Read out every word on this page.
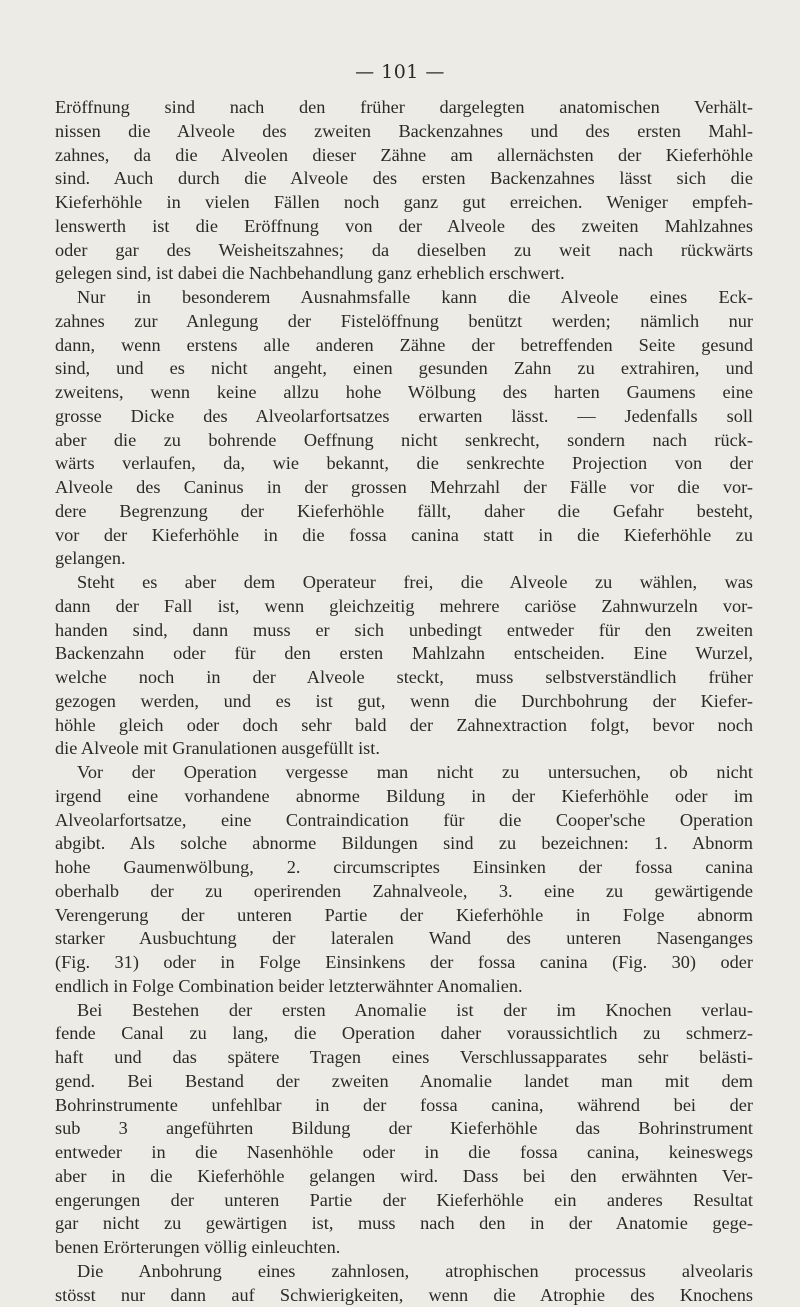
— 101 —
Eröffnung sind nach den früher dargelegten anatomischen Verhält-
nissen die Alveole des zweiten Backenzahnes und des ersten Mahl-
zahnes, da die Alveolen dieser Zähne am allernächsten der Kieferhöhle
sind. Auch durch die Alveole des ersten Backenzahnes lässt sich die
Kieferhöhle in vielen Fällen noch ganz gut erreichen. Weniger empfeh-
lenswerth ist die Eröffnung von der Alveole des zweiten Mahlzahnes
oder gar des Weisheitszahnes; da dieselben zu weit nach rückwärts
gelegen sind, ist dabei die Nachbehandlung ganz erheblich erschwert.
Nur in besonderem Ausnahmsfalle kann die Alveole eines Eck-
zahnes zur Anlegung der Fistelöffnung benützt werden; nämlich nur
dann, wenn erstens alle anderen Zähne der betreffenden Seite gesund
sind, und es nicht angeht, einen gesunden Zahn zu extrahiren, und
zweitens, wenn keine allzu hohe Wölbung des harten Gaumens eine
grosse Dicke des Alveolarfortsatzes erwarten lässt. — Jedenfalls soll
aber die zu bohrende Oeffnung nicht senkrecht, sondern nach rück-
wärts verlaufen, da, wie bekannt, die senkrechte Projection von der
Alveole des Caninus in der grossen Mehrzahl der Fälle vor die vor-
dere Begrenzung der Kieferhöhle fällt, daher die Gefahr besteht,
vor der Kieferhöhle in die fossa canina statt in die Kieferhöhle zu
gelangen.
Steht es aber dem Operateur frei, die Alveole zu wählen, was
dann der Fall ist, wenn gleichzeitig mehrere cariöse Zahnwurzeln vor-
handen sind, dann muss er sich unbedingt entweder für den zweiten
Backenzahn oder für den ersten Mahlzahn entscheiden. Eine Wurzel,
welche noch in der Alveole steckt, muss selbstverständlich früher
gezogen werden, und es ist gut, wenn die Durchbohrung der Kiefer-
höhle gleich oder doch sehr bald der Zahnextraction folgt, bevor noch
die Alveole mit Granulationen ausgefüllt ist.
Vor der Operation vergesse man nicht zu untersuchen, ob nicht
irgend eine vorhandene abnorme Bildung in der Kieferhöhle oder im
Alveolarfortsatze, eine Contraindication für die Cooper'sche Operation
abgibt. Als solche abnorme Bildungen sind zu bezeichnen: 1. Abnorm
hohe Gaumenwölbung, 2. circumscriptes Einsinken der fossa canina
oberhalb der zu operirenden Zahnalveole, 3. eine zu gewärtigende
Verengerung der unteren Partie der Kieferhöhle in Folge abnorm
starker Ausbuchtung der lateralen Wand des unteren Nasenganges
(Fig. 31) oder in Folge Einsinkens der fossa canina (Fig. 30) oder
endlich in Folge Combination beider letzterwähnter Anomalien.
Bei Bestehen der ersten Anomalie ist der im Knochen verlau-
fende Canal zu lang, die Operation daher voraussichtlich zu schmerz-
haft und das spätere Tragen eines Verschlussapparates sehr belästi-
gend. Bei Bestand der zweiten Anomalie landet man mit dem
Bohrinstrumente unfehlbar in der fossa canina, während bei der
sub 3 angeführten Bildung der Kieferhöhle das Bohrinstrument
entweder in die Nasenhöhle oder in die fossa canina, keineswegs
aber in die Kieferhöhle gelangen wird. Dass bei den erwähnten Ver-
engerungen der unteren Partie der Kieferhöhle ein anderes Resultat
gar nicht zu gewärtigen ist, muss nach den in der Anatomie gege-
benen Erörterungen völlig einleuchten.
Die Anbohrung eines zahnlosen, atrophischen processus alveolaris
stösst nur dann auf Schwierigkeiten, wenn die Atrophie des Knochens
